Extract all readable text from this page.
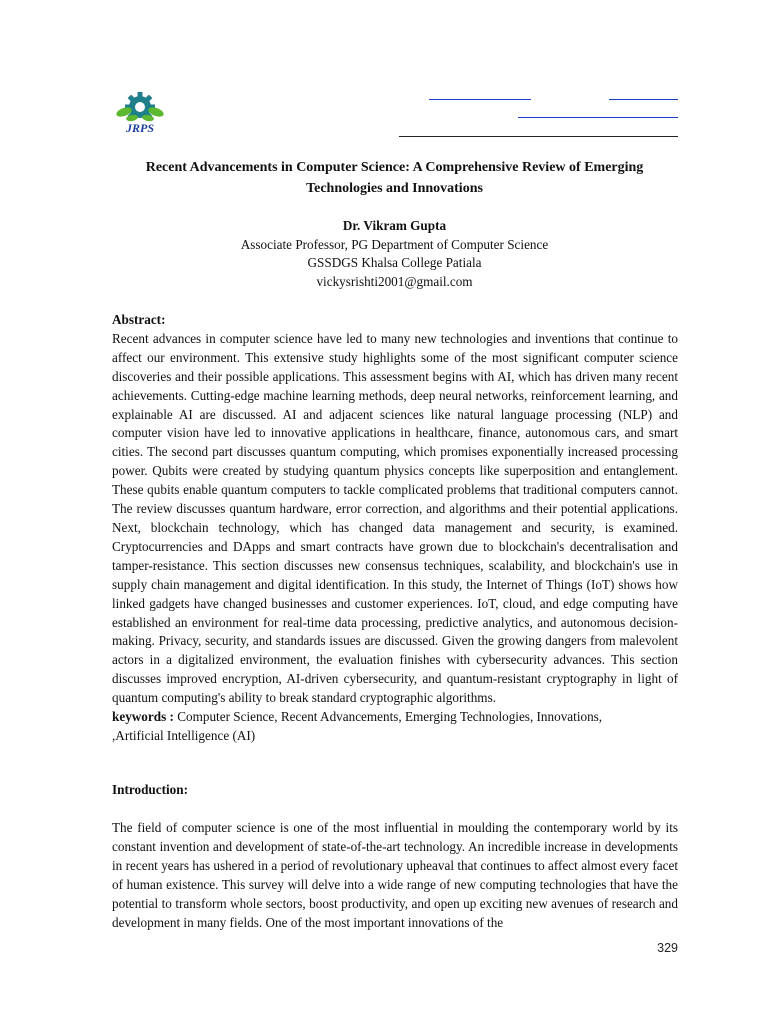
JRPS
Recent Advancements in Computer Science: A Comprehensive Review of Emerging Technologies and Innovations
Dr. Vikram Gupta
Associate Professor, PG Department of Computer Science
GSSDGS Khalsa College Patiala
vickysrishti2001@gmail.com
Abstract:
Recent advances in computer science have led to many new technologies and inventions that continue to affect our environment. This extensive study highlights some of the most significant computer science discoveries and their possible applications. This assessment begins with AI, which has driven many recent achievements. Cutting-edge machine learning methods, deep neural networks, reinforcement learning, and explainable AI are discussed. AI and adjacent sciences like natural language processing (NLP) and computer vision have led to innovative applications in healthcare, finance, autonomous cars, and smart cities. The second part discusses quantum computing, which promises exponentially increased processing power. Qubits were created by studying quantum physics concepts like superposition and entanglement. These qubits enable quantum computers to tackle complicated problems that traditional computers cannot. The review discusses quantum hardware, error correction, and algorithms and their potential applications. Next, blockchain technology, which has changed data management and security, is examined. Cryptocurrencies and DApps and smart contracts have grown due to blockchain's decentralisation and tamper-resistance. This section discusses new consensus techniques, scalability, and blockchain's use in supply chain management and digital identification. In this study, the Internet of Things (IoT) shows how linked gadgets have changed businesses and customer experiences. IoT, cloud, and edge computing have established an environment for real-time data processing, predictive analytics, and autonomous decision-making. Privacy, security, and standards issues are discussed. Given the growing dangers from malevolent actors in a digitalized environment, the evaluation finishes with cybersecurity advances. This section discusses improved encryption, AI-driven cybersecurity, and quantum-resistant cryptography in light of quantum computing's ability to break standard cryptographic algorithms.
keywords : Computer Science, Recent Advancements, Emerging Technologies, Innovations,
,Artificial Intelligence (AI)
Introduction:
The field of computer science is one of the most influential in moulding the contemporary world by its constant invention and development of state-of-the-art technology. An incredible increase in developments in recent years has ushered in a period of revolutionary upheaval that continues to affect almost every facet of human existence. This survey will delve into a wide range of new computing technologies that have the potential to transform whole sectors, boost productivity, and open up exciting new avenues of research and development in many fields. One of the most important innovations of the
329
